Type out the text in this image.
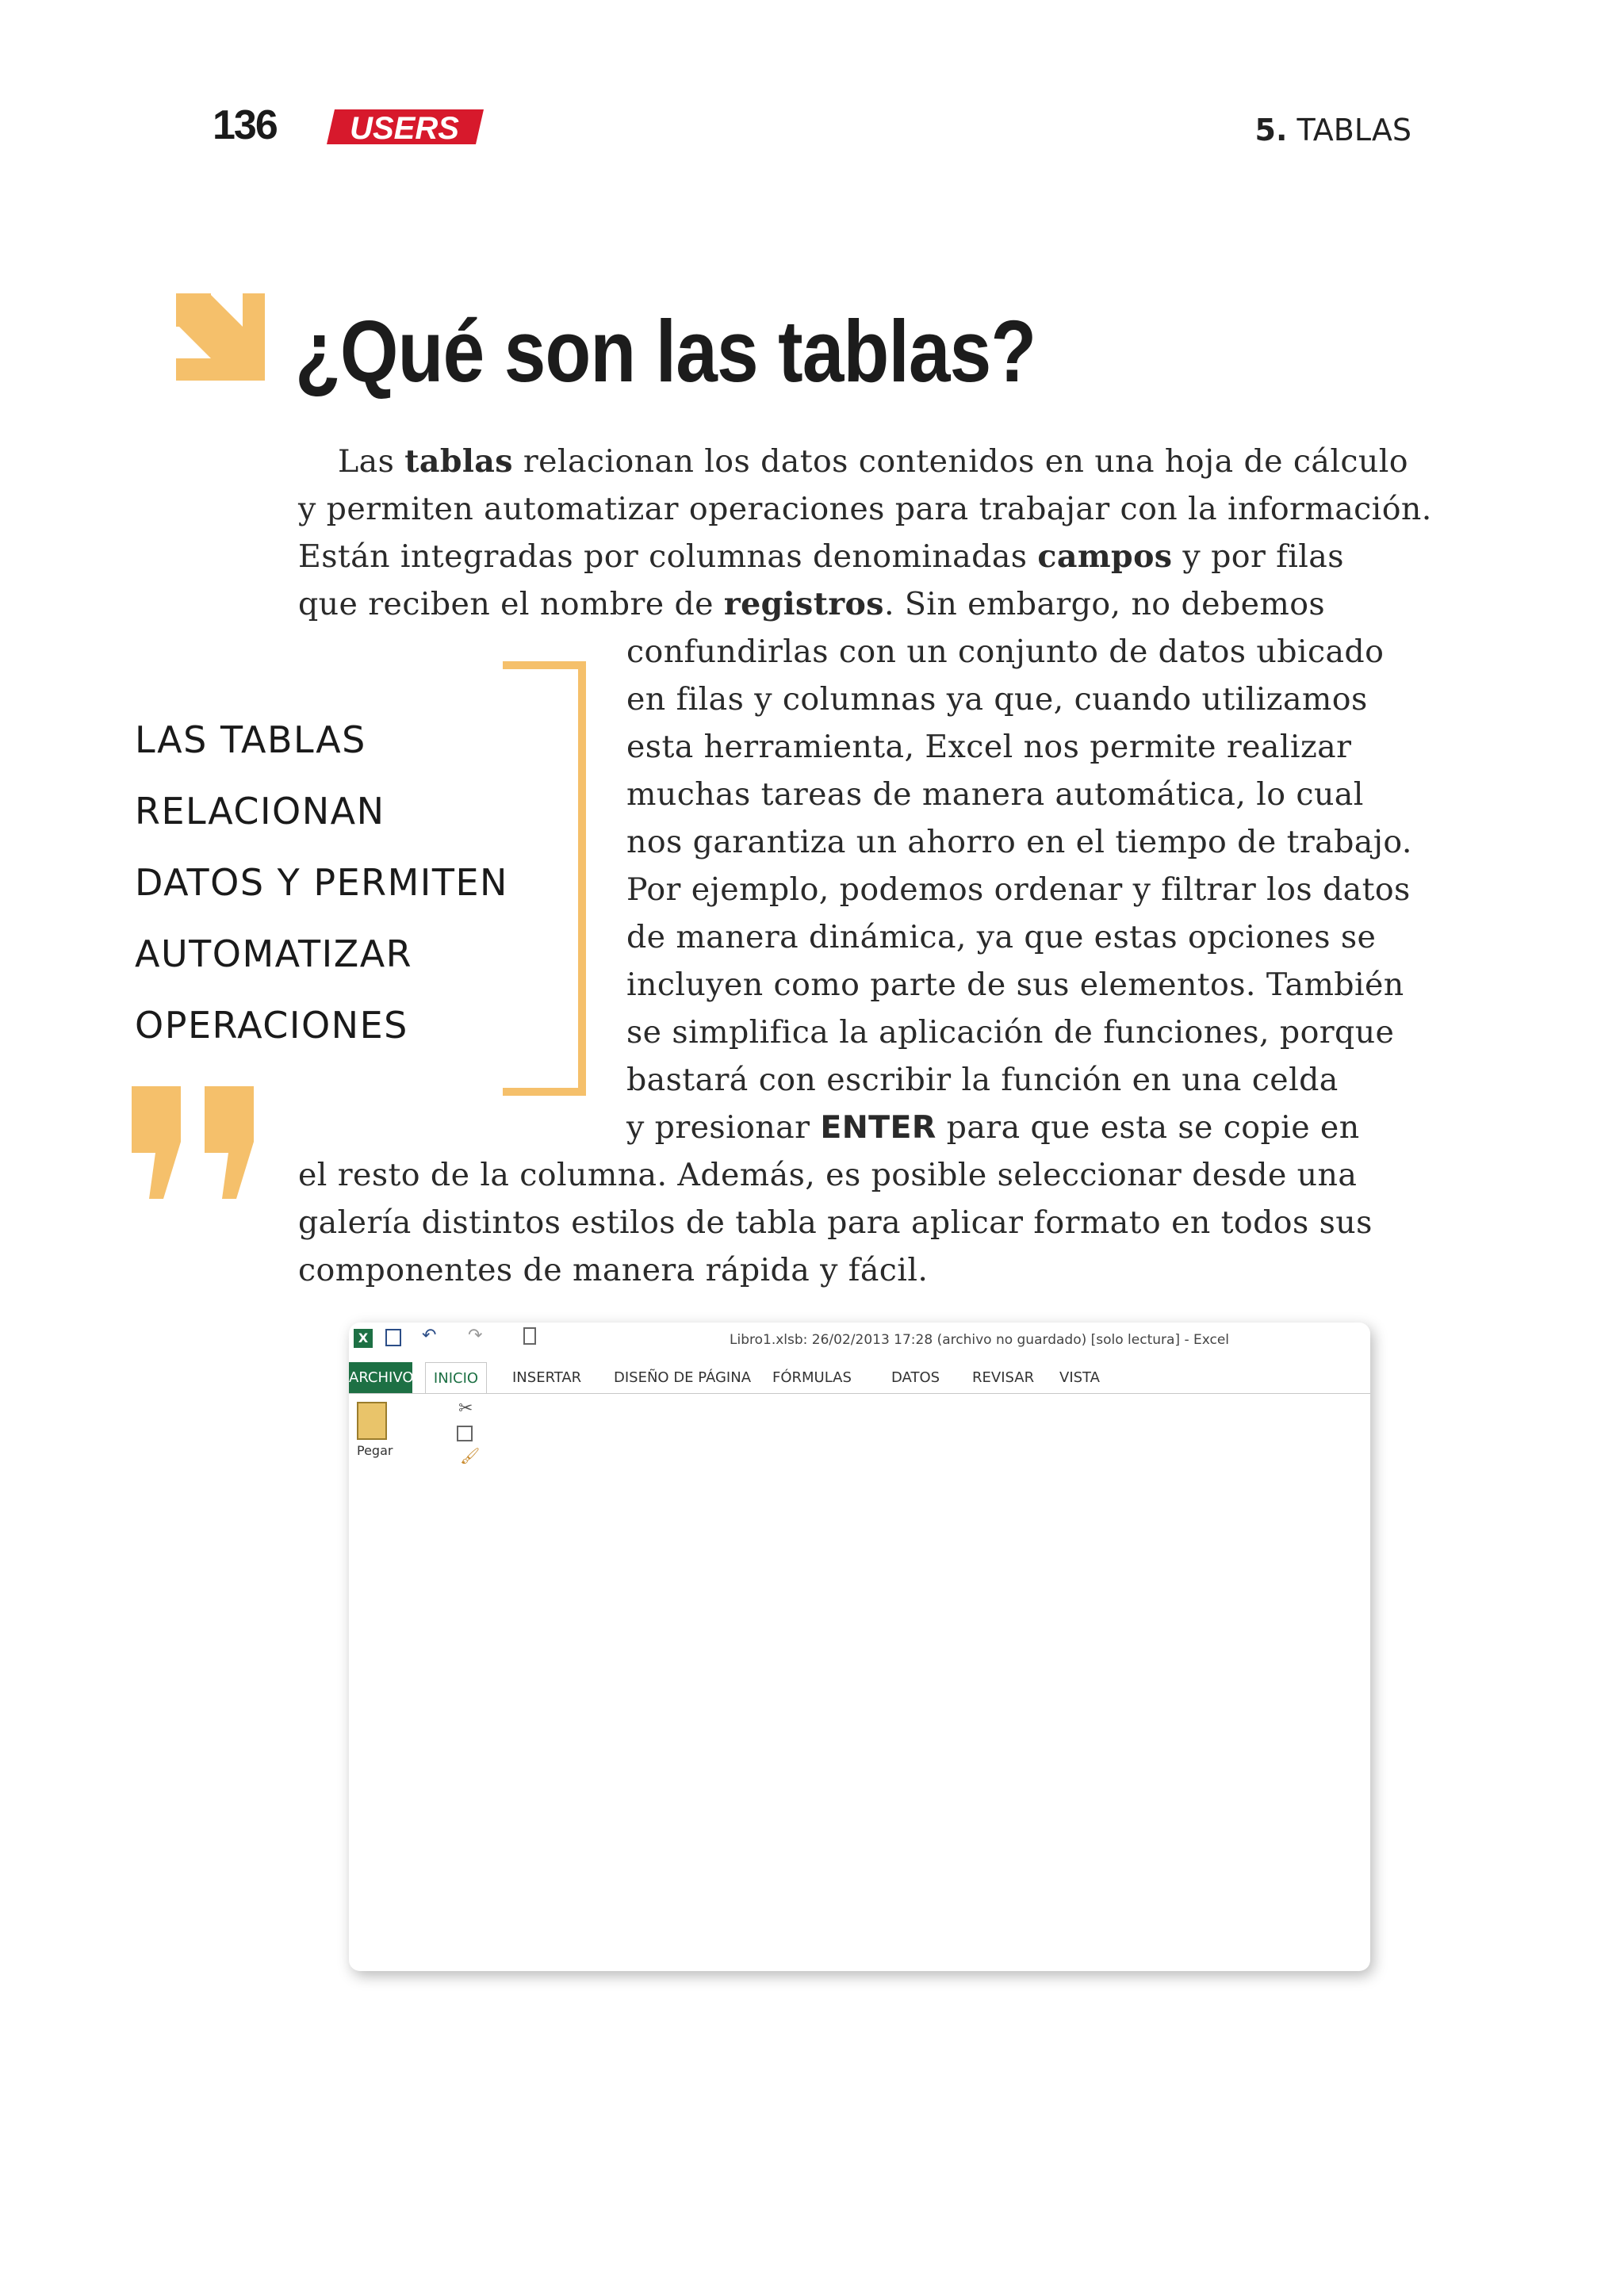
136 USERS	5. TABLAS
¿Qué son las tablas?
Las tablas relacionan los datos contenidos en una hoja de cálculo
y permiten automatizar operaciones para trabajar con la información.
Están integradas por columnas denominadas campos y por filas
que reciben el nombre de registros. Sin embargo, no debemos
confundirlas con un conjunto de datos ubicado
en filas y columnas ya que, cuando utilizamos
esta herramienta, Excel nos permite realizar
muchas tareas de manera automática, lo cual
nos garantiza un ahorro en el tiempo de trabajo.
Por ejemplo, podemos ordenar y filtrar los datos
de manera dinámica, ya que estas opciones se
incluyen como parte de sus elementos. También
se simplifica la aplicación de funciones, porque
bastará con escribir la función en una celda
y presionar ENTER para que esta se copie en
el resto de la columna. Además, es posible seleccionar desde una
galería distintos estilos de tabla para aplicar formato en todos sus
componentes de manera rápida y fácil.
LAS TABLAS
RELACIONAN
DATOS Y PERMITEN
AUTOMATIZAR
OPERACIONES
X	↶ ↷	Libro1.xlsb: 26/02/2013 17:28 (archivo no guardado) [solo lectura] - Excel
ARCHIVO	INICIO	INSERTAR DISEÑO DE PÁGINA FÓRMULAS	DATOS REVISAR VISTA
Pegar
✂
🖌
